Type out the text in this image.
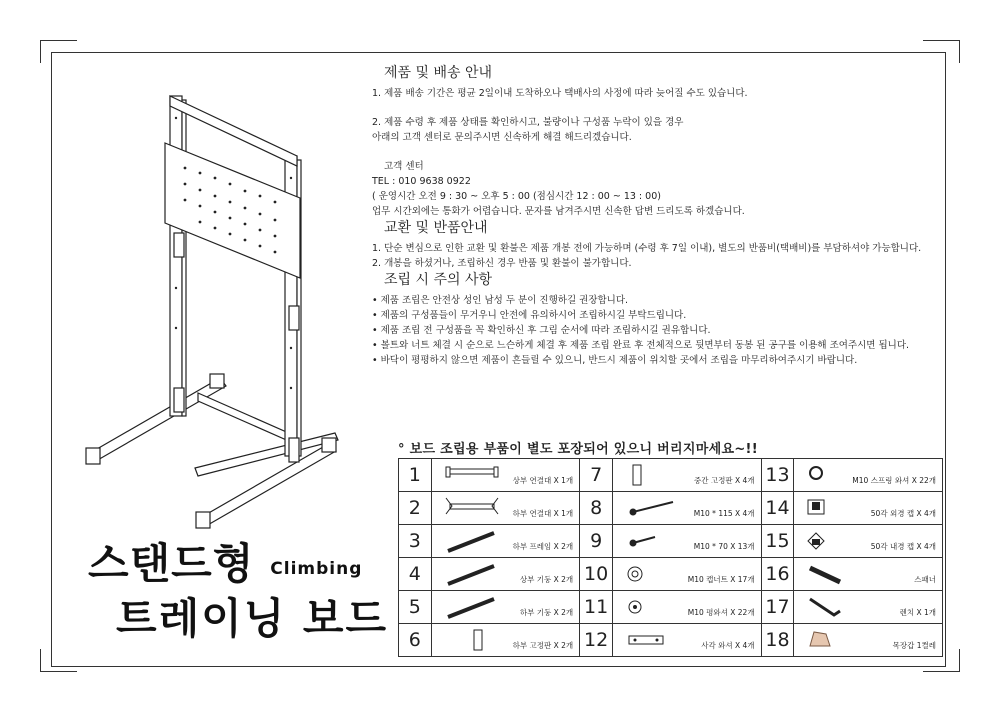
스탠드형 Climbing
트레이닝 보드
제품 및 배송 안내

1. 제품 배송 기간은 평균 2일이내 도착하오나 택배사의 사정에 따라 늦어질 수도 있습니다.

2. 제품 수령 후 제품 상태를 확인하시고, 불량이나 구성품 누락이 있을 경우

아래의 고객 센터로 문의주시면 신속하게 해결 해드리겠습니다.

고객 센터

TEL : 010 9638 0922

( 운영시간 오전 9 : 30 ~ 오후 5 : 00 (점심시간 12 : 00 ~ 13 : 00)

업무 시간외에는 통화가 어렵습니다. 문자를 남겨주시면 신속한 답변 드리도록 하겠습니다.

교환 및 반품안내

1. 단순 변심으로 인한 교환 및 환불은 제품 개봉 전에 가능하며 (수령 후 7일 이내), 별도의 반품비(택배비)를 부담하셔야 가능합니다.

2. 개봉을 하셨거나, 조립하신 경우 반품 및 환불이 불가합니다.

조립 시 주의 사항

• 제품 조립은 안전상 성인 남성 두 분이 진행하길 권장합니다.

• 제품의 구성품들이 무거우니 안전에 유의하시어 조립하시길 부탁드립니다.

• 제품 조립 전 구성품을 꼭 확인하신 후 그림 순서에 따라 조립하시길 권유합니다.

• 볼트와 너트 체결 시 순으로 느슨하게 체결 후 제품 조립 완료 후 전체적으로 뒷면부터 동봉 된 공구를 이용해 조여주시면 됩니다.

• 바닥이 평평하지 않으면 제품이 흔들릴 수 있으니, 반드시 제품이 위치할 곳에서 조립을 마무리하여주시기 바랍니다.

° 보드 조립용 부품이 별도 포장되어 있으니 버리지마세요~!!
1	상부 연결대 X 1개	7	중간 고정판 X 4개	13	M10 스프링 와셔 X 22개

2	하부 연결대 X 1개	8	M10 * 115 X 4개	14	50각 외경 캡 X 4개

3	하부 프레임 X 2개	9	M10 * 70 X 13개	15	50각 내경 캡 X 4개

4	상부 기둥 X 2개	10	M10 캡너트 X 17개	16	스패너

5	하부 기둥 X 2개	11	M10 평와셔 X 22개	17	렌치 X 1개

6	하부 고정판 X 2개	12	사각 와셔 X 4개	18	목장갑 1켤레
